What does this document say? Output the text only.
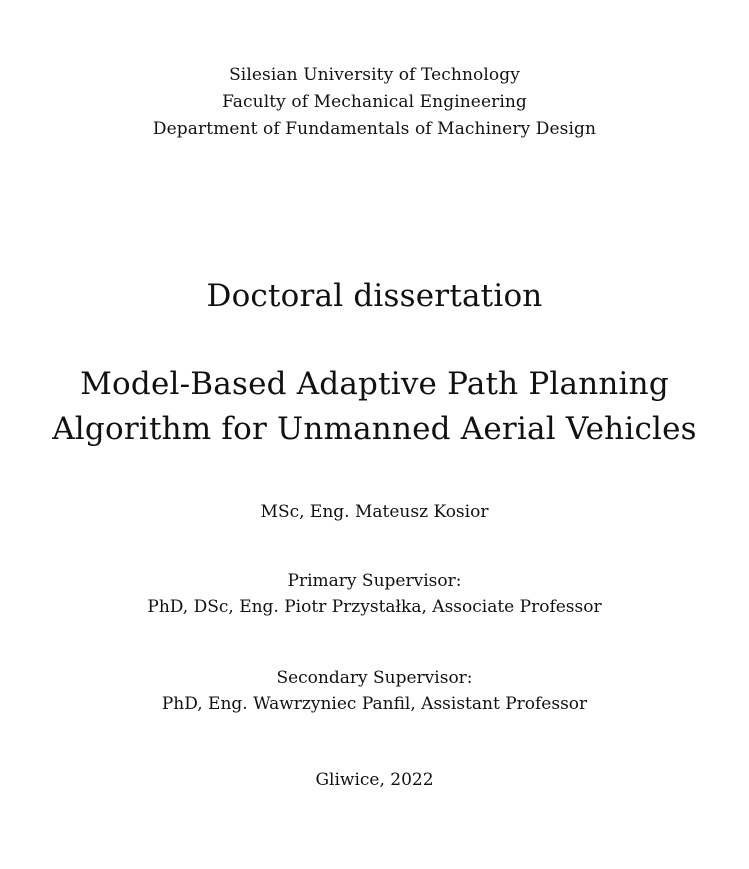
Silesian University of Technology
Faculty of Mechanical Engineering
Department of Fundamentals of Machinery Design
Doctoral dissertation
Model-Based Adaptive Path Planning
Algorithm for Unmanned Aerial Vehicles
MSc, Eng. Mateusz Kosior
Primary Supervisor:
PhD, DSc, Eng. Piotr Przystałka, Associate Professor
Secondary Supervisor:
PhD, Eng. Wawrzyniec Panfil, Assistant Professor
Gliwice, 2022
